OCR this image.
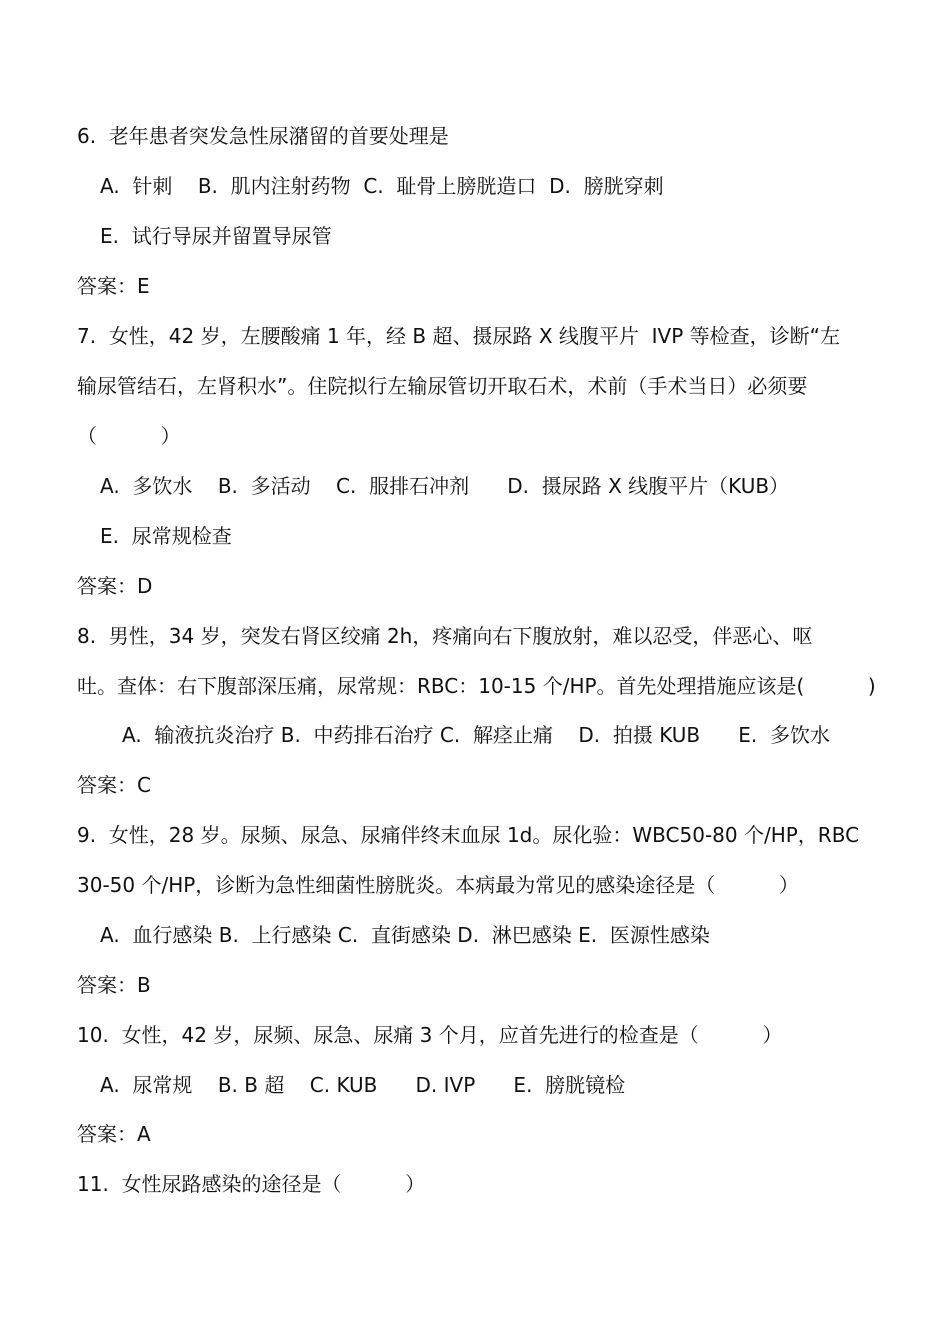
6.  老年患者突发急性尿潴留的首要处理是
A.  针刺    B.  肌内注射药物  C.  耻骨上膀胱造口  D.  膀胱穿刺
E.  试行导尿并留置导尿管
答案：E
7.  女性，42 岁，左腰酸痛 1 年，经 B 超、摄尿路 X 线腹平片  IVP 等检查，诊断“左
输尿管结石，左肾积水”。住院拟行左输尿管切开取石术，术前（手术当日）必须要
（          ）
A.  多饮水    B.  多活动    C.  服排石冲剂      D.  摄尿路 X 线腹平片（KUB）
E.  尿常规检查
答案：D
8.  男性，34 岁，突发右肾区绞痛 2h，疼痛向右下腹放射，难以忍受，伴恶心、呕
吐。查体：右下腹部深压痛，尿常规：RBC：10-15 个/HP。首先处理措施应该是(          )
A.  输液抗炎治疗 B.  中药排石治疗 C.  解痉止痛    D.  拍摄 KUB      E.  多饮水
答案：C
9.  女性，28 岁。尿频、尿急、尿痛伴终末血尿 1d。尿化验：WBC50-80 个/HP，RBC
30-50 个/HP，诊断为急性细菌性膀胱炎。本病最为常见的感染途径是（          ）
A.  血行感染 B.  上行感染 C.  直街感染 D.  淋巴感染 E.  医源性感染
答案：B
10.  女性，42 岁，尿频、尿急、尿痛 3 个月，应首先进行的检查是（          ）
A.  尿常规    B. B 超    C. KUB      D. IVP      E.  膀胱镜检
答案：A
11.  女性尿路感染的途径是（          ）
